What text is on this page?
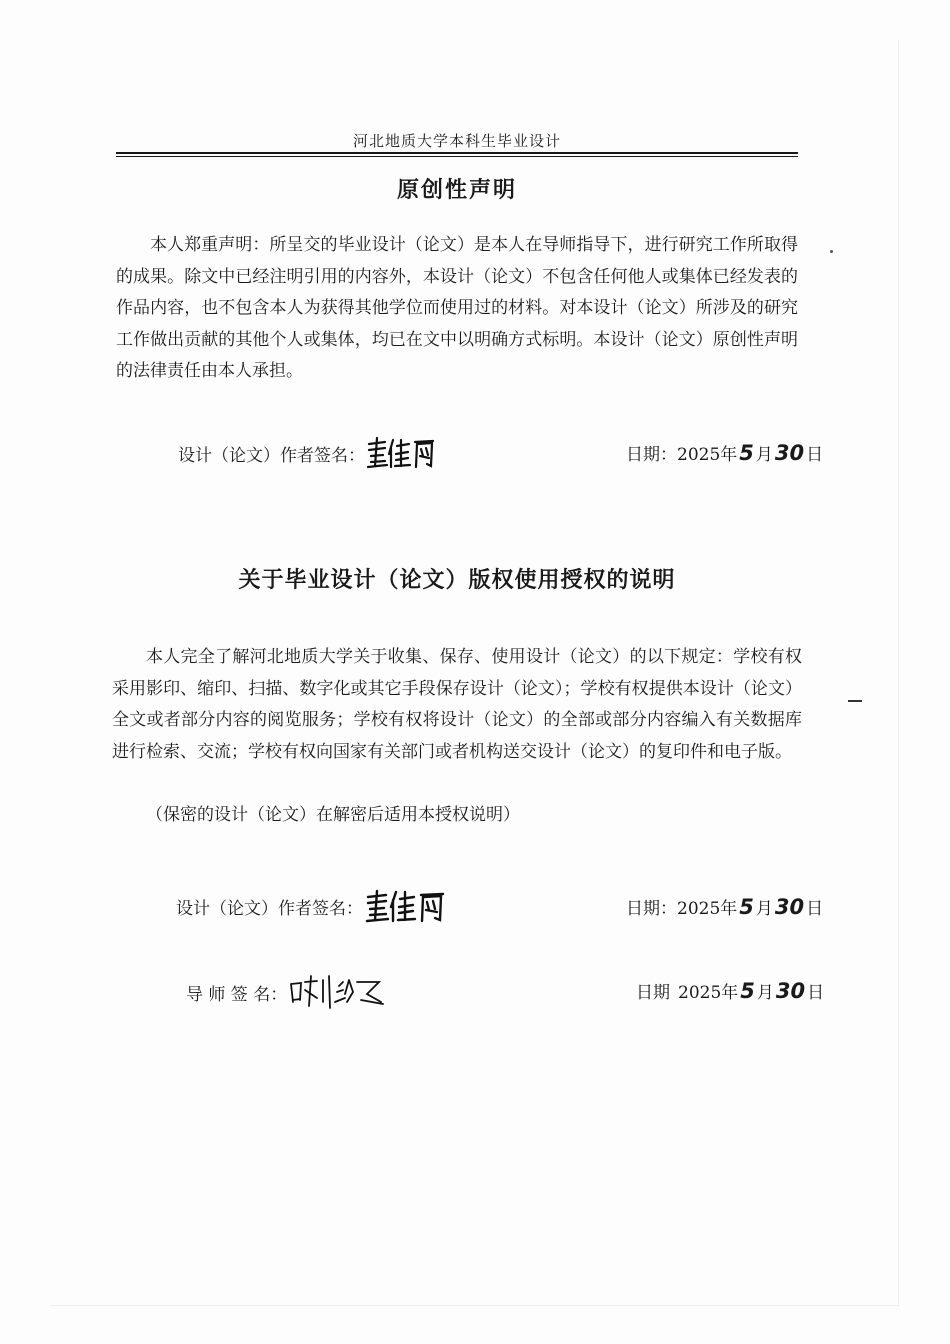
河北地质大学本科生毕业设计
原创性声明

本人郑重声明：所呈交的毕业设计（论文）是本人在导师指导下，进行研究工作所取得的成果。除文中已经注明引用的内容外，本设计（论文）不包含任何他人或集体已经发表的作品内容，也不包含本人为获得其他学位而使用过的材料。对本设计（论文）所涉及的研究工作做出贡献的其他个人或集体，均已在文中以明确方式标明。本设计（论文）原创性声明的法律责任由本人承担。

设计（论文）作者签名：	日期： 2025 年 5 月 30 日
关于毕业设计（论文）版权使用授权的说明

本人完全了解河北地质大学关于收集、保存、使用设计（论文）的以下规定：学校有权采用影印、缩印、扫描、数字化或其它手段保存设计（论文）；学校有权提供本设计（论文）全文或者部分内容的阅览服务；学校有权将设计（论文）的全部或部分内容编入有关数据库进行检索、交流；学校有权向国家有关部门或者机构送交设计（论文）的复印件和电子版。

（保密的设计（论文）在解密后适用本授权说明）

设计（论文）作者签名：	日期： 2025 年 5 月 30 日
导 师 签 名：	日期 2025 年 5 月 30 日
